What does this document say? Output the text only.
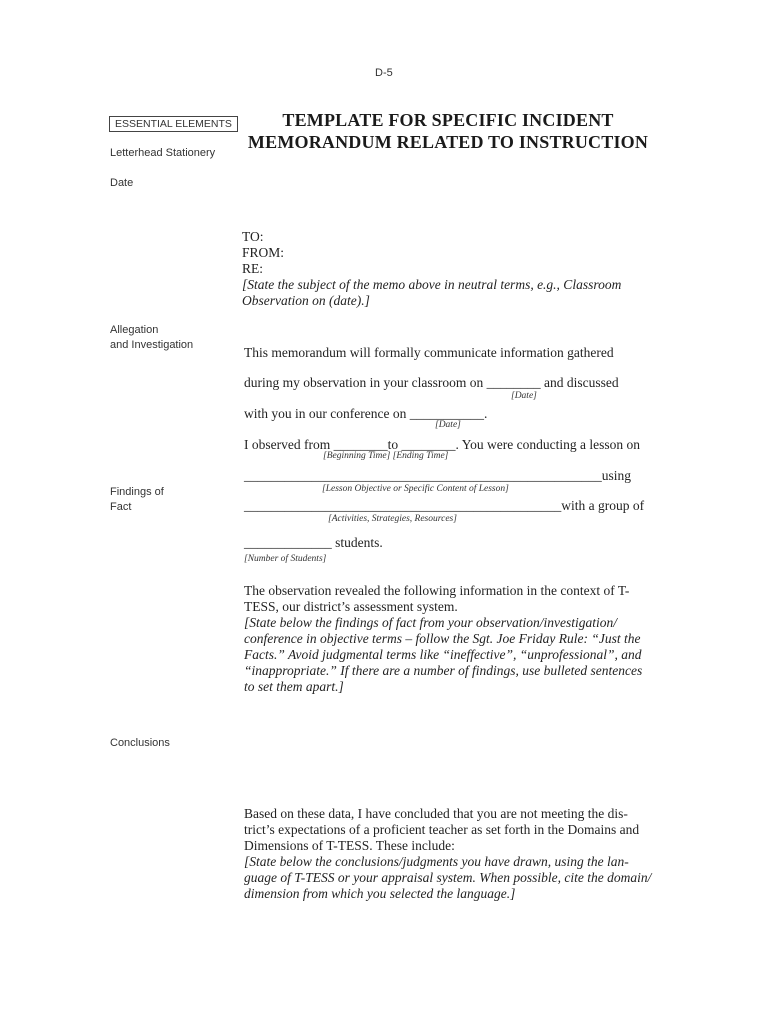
D-5
ESSENTIAL ELEMENTS
Letterhead Stationery
Date
Allegation
and Investigation
Findings of
Fact
Conclusions
TEMPLATE FOR SPECIFIC INCIDENT
MEMORANDUM RELATED TO INSTRUCTION
TO:
FROM:
RE:
[State the subject of the memo above in neutral terms, e.g., Classroom
Observation on (date).]
This memorandum will formally communicate information gathered
during my observation in your classroom on ________ and discussed
[Date]
with you in our conference on ___________.
[Date]
I observed from ________to ________. You were conducting a lesson on
[Beginning Time] [Ending Time]
_____________________________________________________using
[Lesson Objective or Specific Content of Lesson]
_______________________________________________with a group of
[Activities, Strategies, Resources]
_____________ students.
[Number of Students]
The observation revealed the following information in the context of T-
TESS, our district’s assessment system.
[State below the findings of fact from your observation/investigation/
conference in objective terms – follow the Sgt. Joe Friday Rule: “Just the
Facts.” Avoid judgmental terms like “ineffective”, “unprofessional”, and
“inappropriate.” If there are a number of findings, use bulleted sentences
to set them apart.]
Based on these data, I have concluded that you are not meeting the dis-
trict’s expectations of a proficient teacher as set forth in the Domains and
Dimensions of T-TESS. These include:
[State below the conclusions/judgments you have drawn, using the lan-
guage of T-TESS or your appraisal system. When possible, cite the domain/
dimension from which you selected the language.]
